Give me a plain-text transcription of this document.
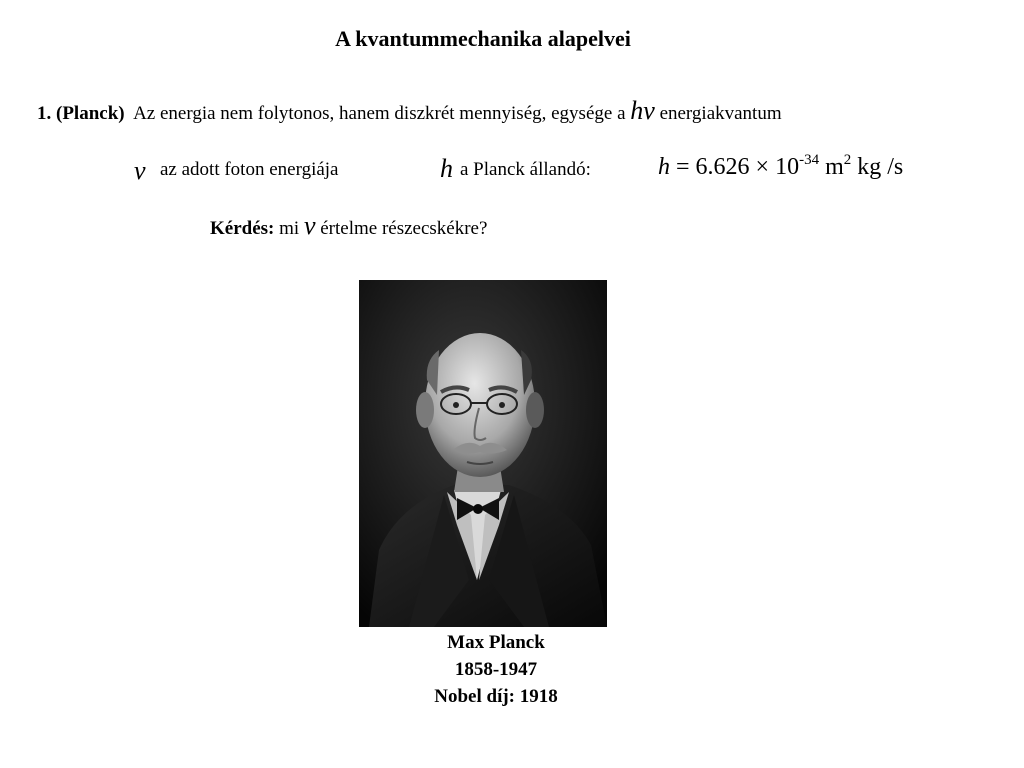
A kvantummechanika alapelvei
1. (Planck) Az energia nem folytonos, hanem diszkrét mennyiség, egysége a hν energiakvantum
ν az adott foton energiája	h a Planck állandó:	$h = 6.626 \times 10^{-34}$ $m^2$ kg /s
Kérdés: mi ν értelme részecskékre?
Max Planck
1858-1947
Nobel díj: 1918
